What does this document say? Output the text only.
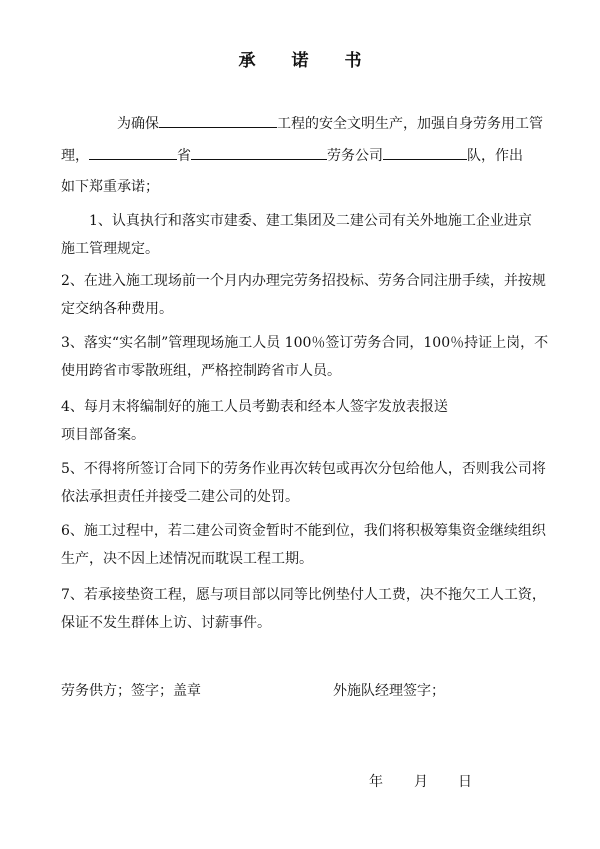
承 诺 书
为确保	工程的安全文明生产，加强自身劳务用工管
理，	省	劳务公司	队，作出
如下郑重承诺；
1、认真执行和落实市建委、建工集团及二建公司有关外地施工企业进京
施工管理规定。
2、在进入施工现场前一个月内办理完劳务招投标、劳务合同注册手续，并按规
定交纳各种费用。
3、落实“实名制”管理现场施工人员 100％签订劳务合同，100％持证上岗，不
使用跨省市零散班组，严格控制跨省市人员。
4、每月末将编制好的施工人员考勤表和经本人签字发放表报送
项目部备案。
5、不得将所签订合同下的劳务作业再次转包或再次分包给他人，否则我公司将
依法承担责任并接受二建公司的处罚。
6、施工过程中，若二建公司资金暂时不能到位，我们将积极筹集资金继续组织
生产，决不因上述情况而耽误工程工期。
7、若承接垫资工程，愿与项目部以同等比例垫付人工费，决不拖欠工人工资，
保证不发生群体上访、讨薪事件。
劳务供方；签字；盖章	外施队经理签字；
年 月 日
